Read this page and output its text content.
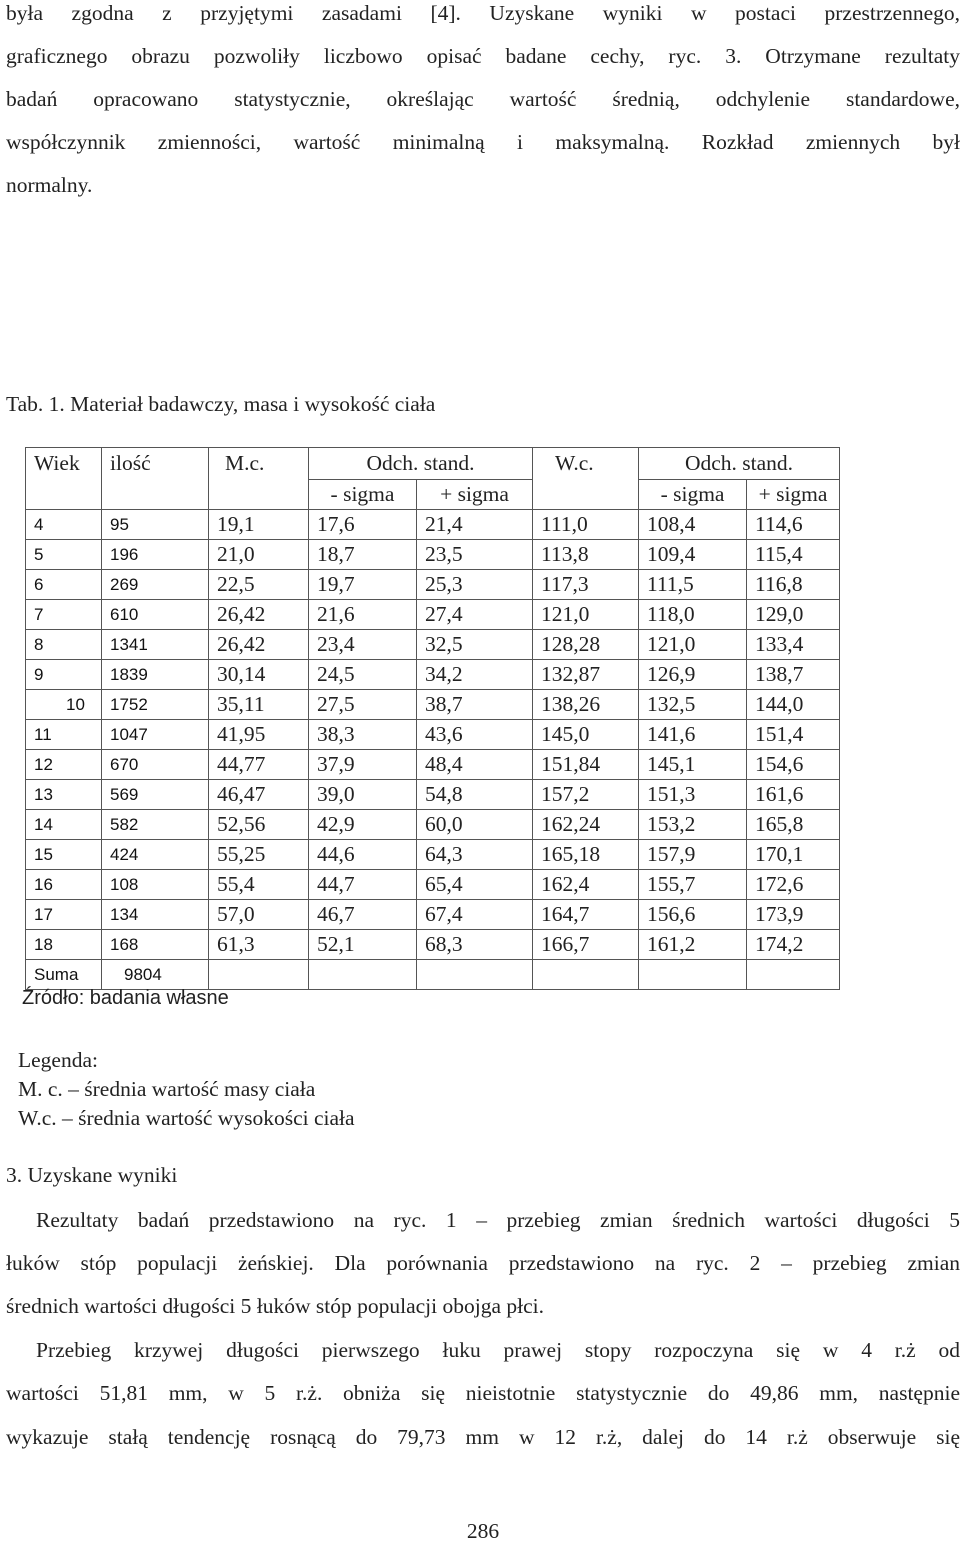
była zgodna z przyjętymi zasadami [4]. Uzyskane wyniki w postaci przestrzennego,
graficznego obrazu pozwoliły liczbowo opisać badane cechy, ryc. 3. Otrzymane rezultaty
badań opracowano statystycznie, określając wartość średnią, odchylenie standardowe,
współczynnik zmienności, wartość minimalną i maksymalną. Rozkład zmiennych był
normalny.
Tab. 1. Materiał badawczy, masa i wysokość ciała
Wiek	ilość	M.c.	Odch. stand.		W.c.	Odch. stand.	
			- sigma	+ sigma		- sigma	+ sigma
4	95	19,1	17,6	21,4	111,0	108,4	114,6
5	196	21,0	18,7	23,5	113,8	109,4	115,4
6	269	22,5	19,7	25,3	117,3	111,5	116,8
7	610	26,42	21,6	27,4	121,0	118,0	129,0
8	1341	26,42	23,4	32,5	128,28	121,0	133,4
9	1839	30,14	24,5	34,2	132,87	126,9	138,7
10	1752	35,11	27,5	38,7	138,26	132,5	144,0
11	1047	41,95	38,3	43,6	145,0	141,6	151,4
12	670	44,77	37,9	48,4	151,84	145,1	154,6
13	569	46,47	39,0	54,8	157,2	151,3	161,6
14	582	52,56	42,9	60,0	162,24	153,2	165,8
15	424	55,25	44,6	64,3	165,18	157,9	170,1
16	108	55,4	44,7	65,4	162,4	155,7	172,6
17	134	57,0	46,7	67,4	164,7	156,6	173,9
18	168	61,3	52,1	68,3	166,7	161,2	174,2
Suma	9804						
Źródło: badania własne
Legenda:
M. c. – średnia wartość masy ciała
W.c. – średnia wartość wysokości ciała
3. Uzyskane wyniki
Rezultaty badań przedstawiono na ryc. 1 – przebieg zmian średnich wartości długości 5
łuków stóp populacji żeńskiej. Dla porównania przedstawiono na ryc. 2 – przebieg zmian
średnich wartości długości 5 łuków stóp populacji obojga płci.
Przebieg krzywej długości pierwszego łuku prawej stopy rozpoczyna się w 4 r.ż od
wartości 51,81 mm, w 5 r.ż. obniża się nieistotnie statystycznie do 49,86 mm, następnie
wykazuje stałą tendencję rosnącą do 79,73 mm w 12 r.ż, dalej do 14 r.ż obserwuje się
286
